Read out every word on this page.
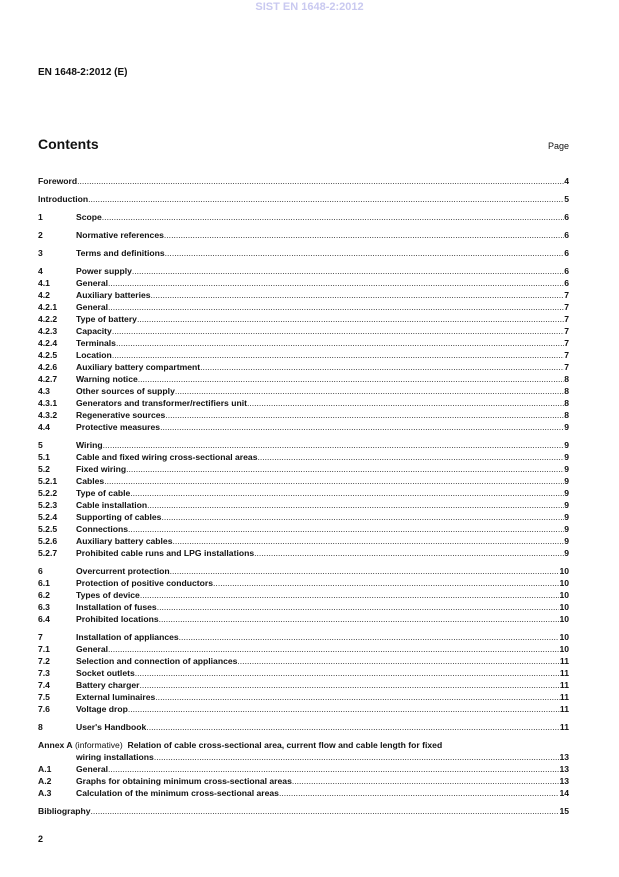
SIST EN 1648-2:2012
EN 1648-2:2012 (E)
Contents	Page
Foreword .....	4
Introduction .....	5
1	Scope .....	6
2	Normative references .....	6
3	Terms and definitions .....	6
4	Power supply .....	6
4.1	General .....	6
4.2	Auxiliary batteries .....	7
4.2.1	General .....	7
4.2.2	Type of battery .....	7
4.2.3	Capacity .....	7
4.2.4	Terminals .....	7
4.2.5	Location .....	7
4.2.6	Auxiliary battery compartment .....	7
4.2.7	Warning notice .....	8
4.3	Other sources of supply .....	8
4.3.1	Generators and transformer/rectifiers unit .....	8
4.3.2	Regenerative sources .....	8
4.4	Protective measures .....	9
5	Wiring .....	9
5.1	Cable and fixed wiring cross-sectional areas .....	9
5.2	Fixed wiring .....	9
5.2.1	Cables .....	9
5.2.2	Type of cable .....	9
5.2.3	Cable installation .....	9
5.2.4	Supporting of cables .....	9
5.2.5	Connections .....	9
5.2.6	Auxiliary battery cables .....	9
5.2.7	Prohibited cable runs and LPG installations .....	9
6	Overcurrent protection .....	10
6.1	Protection of positive conductors .....	10
6.2	Types of device .....	10
6.3	Installation of fuses .....	10
6.4	Prohibited locations .....	10
7	Installation of appliances .....	10
7.1	General .....	10
7.2	Selection and connection of appliances .....	11
7.3	Socket outlets .....	11
7.4	Battery charger .....	11
7.5	External luminaires .....	11
7.6	Voltage drop .....	11
8	User's Handbook .....	11
Annex A
(informative)
Relation of cable cross-sectional area, current flow and cable length for fixed
wiring installations .....	13
A.1	General .....	13
A.2	Graphs for obtaining minimum cross-sectional areas .....	13
A.3	Calculation of the minimum cross-sectional areas .....	14
Bibliography .....	15
2
